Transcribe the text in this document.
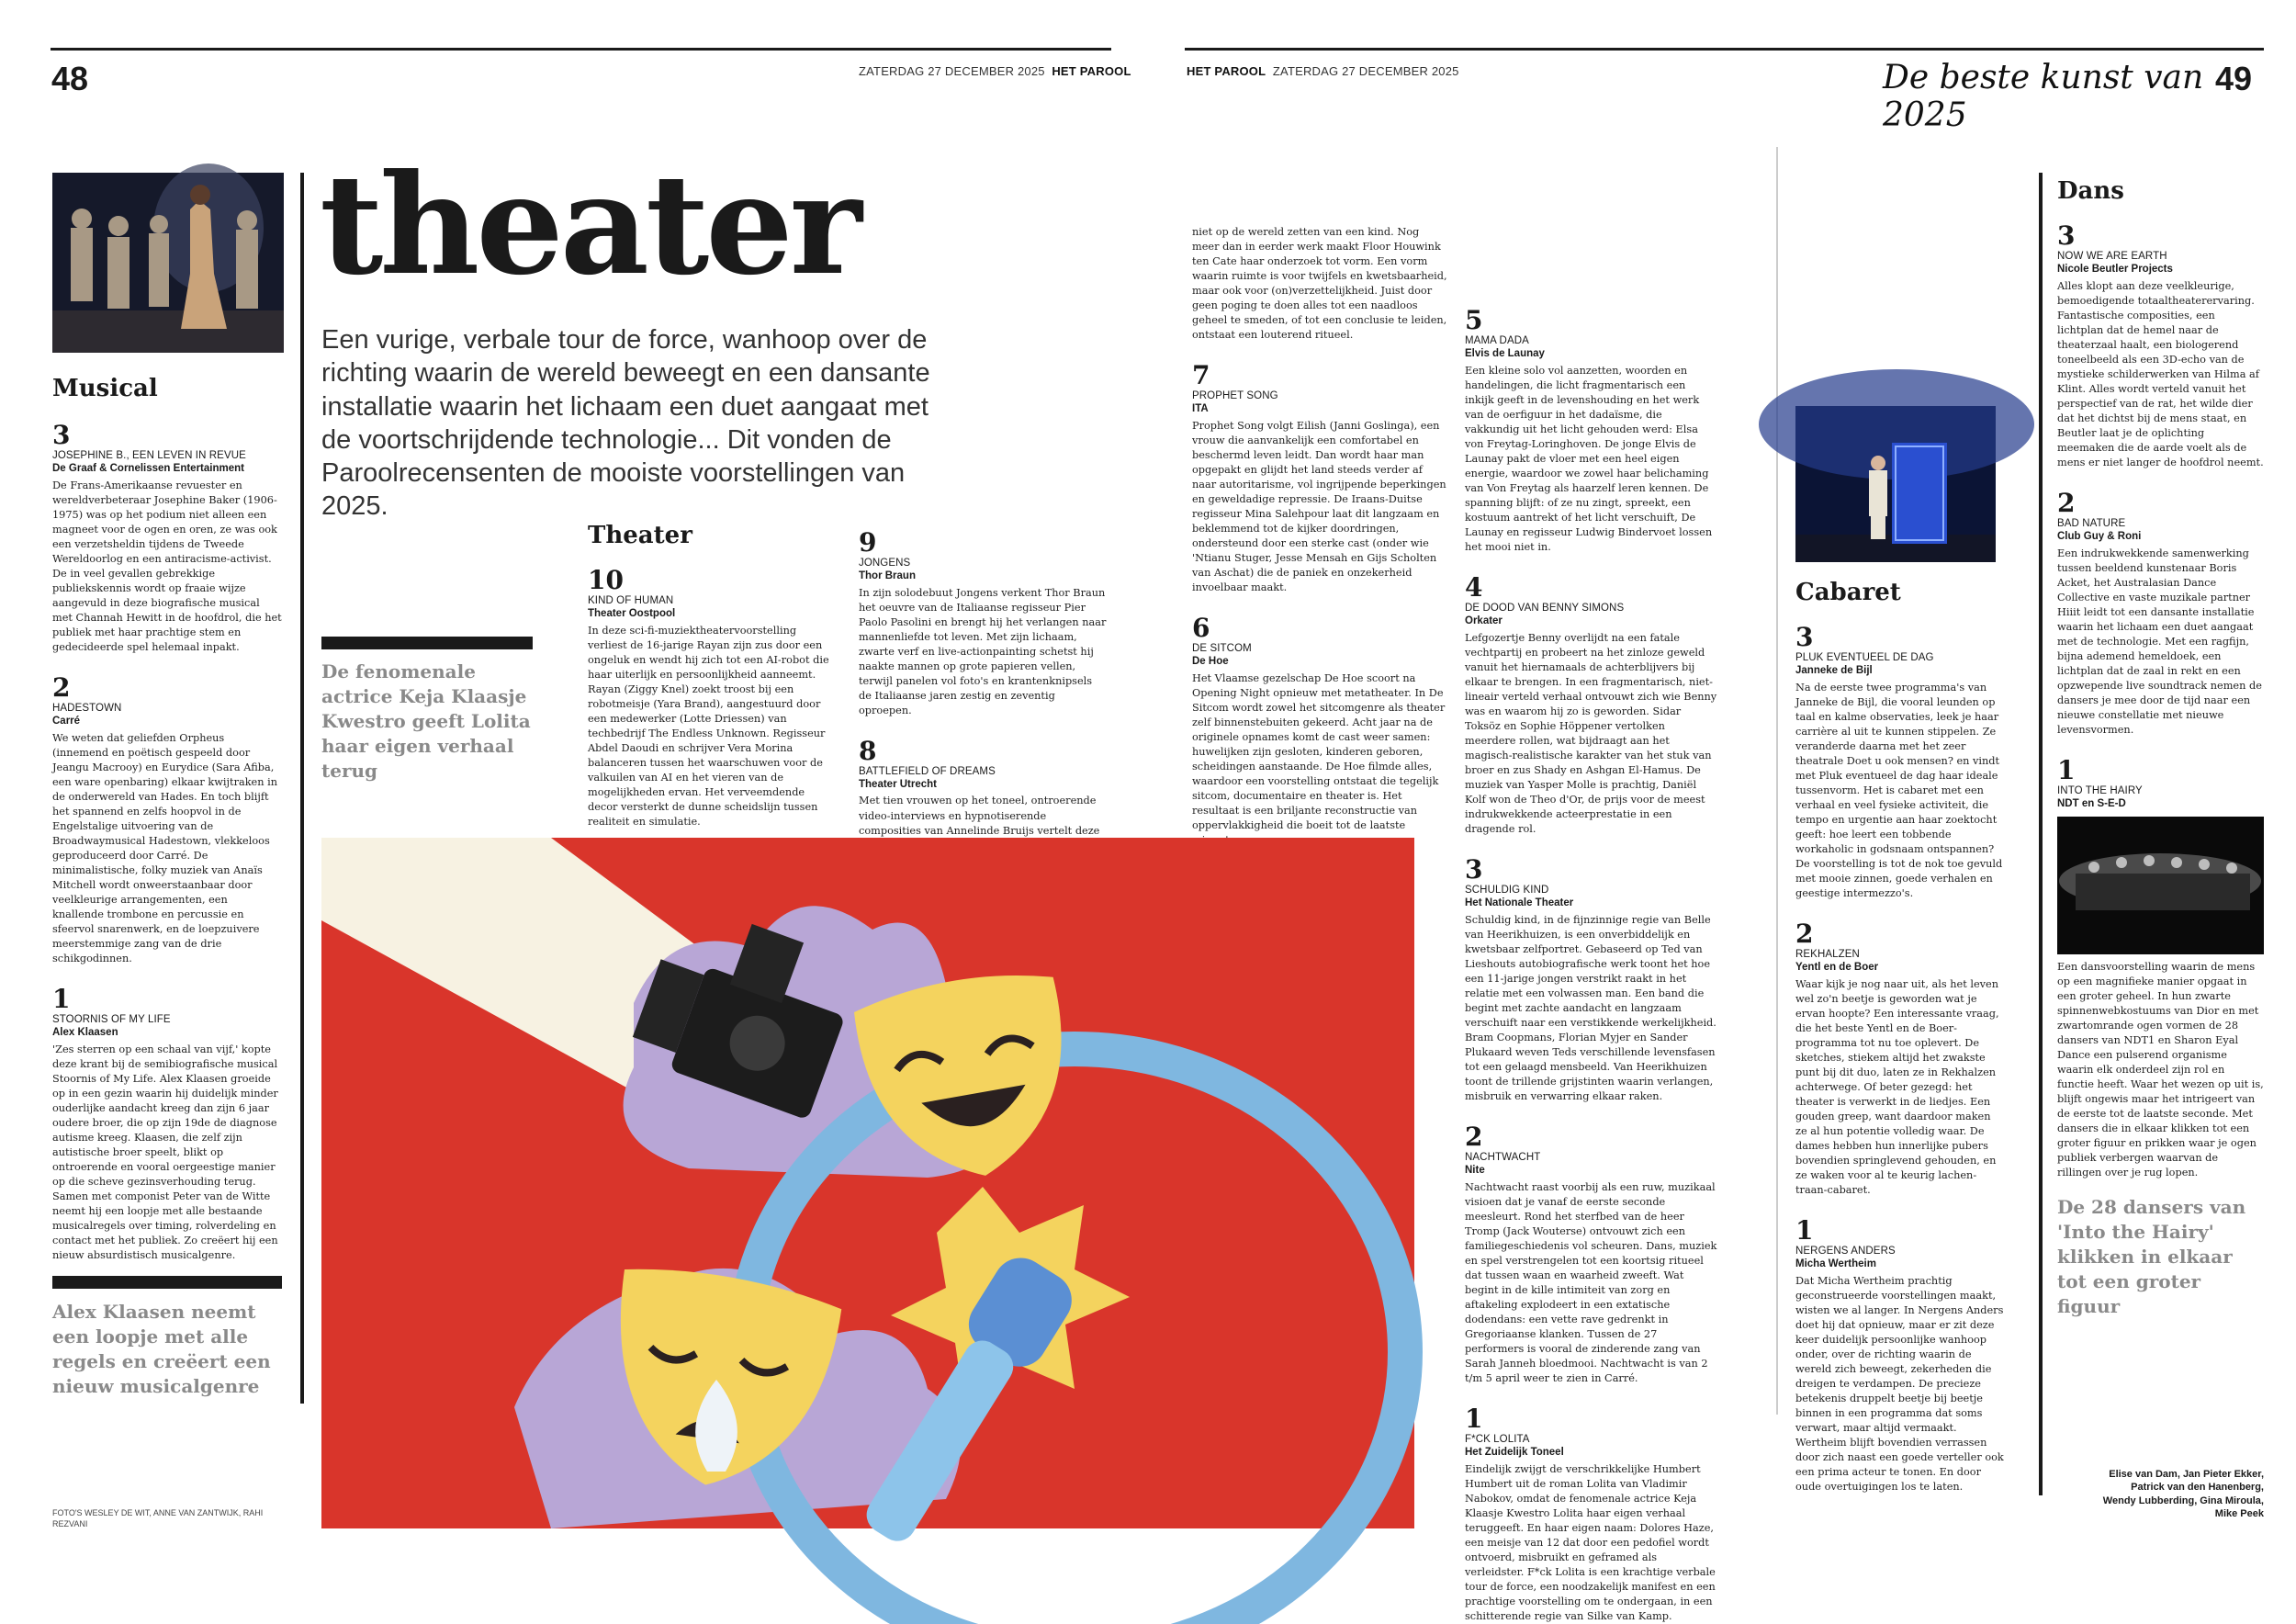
48	ZATERDAG 27 DECEMBER 2025 HET PAROOL	HET PAROOL ZATERDAG 27 DECEMBER 2025	De beste kunst van 2025
49
Musical
3
JOSEPHINE B., EEN LEVEN IN REVUE
De Graaf & Cornelissen Entertainment
De Frans-Amerikaanse revuester en wereldverbeteraar Josephine Baker (1906-1975) was op het podium niet alleen een magneet voor de ogen en oren, ze was ook een verzetsheldin tijdens de Tweede Wereldoorlog en een antiracisme-activist. De in veel gevallen gebrekkige publiekskennis wordt op fraaie wijze aangevuld in deze biografische musical met Channah Hewitt in de hoofdrol, die het publiek met haar prachtige stem en gedecideerde spel helemaal inpakt.
2
HADESTOWN
Carré
We weten dat geliefden Orpheus (innemend en poëtisch gespeeld door Jeangu Macrooy) en Eurydice (Sara Afiba, een ware openbaring) elkaar kwijtraken in de onderwereld van Hades. En toch blijft het spannend en zelfs hoopvol in de Engelstalige uitvoering van de Broadwaymusical Hadestown, vlekkeloos geproduceerd door Carré. De minimalistische, folky muziek van Anaïs Mitchell wordt onweerstaanbaar door veelkleurige arrangementen, een knallende trombone en percussie en sfeervol snarenwerk, en de loepzuivere meerstemmige zang van de drie schikgodinnen.
1
STOORNIS OF MY LIFE
Alex Klaasen
'Zes sterren op een schaal van vijf,' kopte deze krant bij de semibiografische musical Stoornis of My Life. Alex Klaasen groeide op in een gezin waarin hij duidelijk minder ouderlijke aandacht kreeg dan zijn 6 jaar oudere broer, die op zijn 19de de diagnose autisme kreeg. Klaasen, die zelf zijn autistische broer speelt, blikt op ontroerende en vooral oergeestige manier op die scheve gezinsverhouding terug. Samen met componist Peter van de Witte neemt hij een loopje met alle bestaande musicalregels over timing, rolverdeling en contact met het publiek. Zo creëert hij een nieuw absurdistisch musicalgenre.
Alex Klaasen neemt een loopje met alle regels en creëert een nieuw musicalgenre
FOTO'S WESLEY DE WIT, ANNE VAN ZANTWIJK, RAHI REZVANI
theater
Een vurige, verbale tour de force, wanhoop over de richting waarin de wereld beweegt en een dansante installatie waarin het lichaam een duet aangaat met de voortschrijdende technologie... Dit vonden de Paroolrecensenten de mooiste voorstellingen van 2025.
De fenomenale actrice Keja Klaasje Kwestro geeft Lolita haar eigen verhaal terug
Theater
10
KIND OF HUMAN
Theater Oostpool
In deze sci-fi-muziektheatervoorstelling verliest de 16-jarige Rayan zijn zus door een ongeluk en wendt hij zich tot een AI-robot die haar uiterlijk en persoonlijkheid aanneemt. Rayan (Ziggy Knel) zoekt troost bij een robotmeisje (Yara Brand), aangestuurd door een medewerker (Lotte Driessen) van techbedrijf The Endless Unknown. Regisseur Abdel Daoudi en schrijver Vera Morina balanceren tussen het waarschuwen voor de valkuilen van AI en het vieren van de mogelijkheden ervan. Het verveemdende decor versterkt de dunne scheidslijn tussen realiteit en simulatie.
9
JONGENS
Thor Braun
In zijn solodebuut Jongens verkent Thor Braun het oeuvre van de Italiaanse regisseur Pier Paolo Pasolini en brengt hij het verlangen naar mannenliefde tot leven. Met zijn lichaam, zwarte verf en live-actionpainting schetst hij naakte mannen op grote papieren vellen, terwijl panelen vol foto's en krantenknipsels de Italiaanse jaren zestig en zeventig oproepen.
8
BATTLEFIELD OF DREAMS
Theater Utrecht
Met tien vrouwen op het toneel, ontroerende video-interviews en hypnotiserende composities van Annelinde Bruijs vertelt deze
niet op de wereld zetten van een kind. Nog meer dan in eerder werk maakt Floor Houwink ten Cate haar onderzoek tot vorm. Een vorm waarin ruimte is voor twijfels en kwetsbaarheid, maar ook voor (on)verzettelijkheid. Juist door geen poging te doen alles tot een naadloos geheel te smeden, of tot een conclusie te leiden, ontstaat een louterend ritueel.
7
PROPHET SONG
ITA
Prophet Song volgt Eilish (Janni Goslinga), een vrouw die aanvankelijk een comfortabel en beschermd leven leidt. Dan wordt haar man opgepakt en glijdt het land steeds verder af naar autoritarisme, vol ingrijpende beperkingen en geweldadige repressie. De Iraans-Duitse regisseur Mina Salehpour laat dit langzaam en beklemmend tot de kijker doordringen, ondersteund door een sterke cast (onder wie 'Ntianu Stuger, Jesse Mensah en Gijs Scholten van Aschat) die de paniek en onzekerheid invoelbaar maakt.
6
DE SITCOM
De Hoe
Het Vlaamse gezelschap De Hoe scoort na Opening Night opnieuw met metatheater. In De Sitcom wordt zowel het sitcomgenre als theater zelf binnenstebuiten gekeerd. Acht jaar na de originele opnames komt de cast weer samen: huwelijken zijn gesloten, kinderen geboren, scheidingen aanstaande. De Hoe filmde alles, waardoor een voorstelling ontstaat die tegelijk sitcom, documentaire en theater is. Het resultaat is een briljante reconstructie van oppervlakkigheid die boeit tot de laatste
5
MAMA DADA
Elvis de Launay
Een kleine solo vol aanzetten, woorden en handelingen, die licht fragmentarisch een inkijk geeft in de levenshouding en het werk van de oerfiguur in het dadaïsme, die vakkundig uit het licht gehouden werd: Elsa von Freytag-Loringhoven. De jonge Elvis de Launay pakt de vloer met een heel eigen energie, waardoor we zowel haar belichaming van Von Freytag als haarzelf leren kennen. De spanning blijft: of ze nu zingt, spreekt, een kostuum aantrekt of het licht verschuift, De Launay en regisseur Ludwig Bindervoet lossen het mooi niet in.
4
DE DOOD VAN BENNY SIMONS
Orkater
Lefgozertje Benny overlijdt na een fatale vechtpartij en probeert na het zinloze geweld vanuit het hiernamaals de achterblijvers bij elkaar te brengen. In een fragmentarisch, niet-lineair verteld verhaal ontvouwt zich wie Benny was en waarom hij zo is geworden. Sidar Toksöz en Sophie Höppener vertolken meerdere rollen, wat bijdraagt aan het magisch-realistische karakter van het stuk van broer en zus Shady en Ashgan El-Hamus. De muziek van Yasper Molle is prachtig, Daniël Kolf won de Theo d'Or, de prijs voor de meest indrukwekkende acteerprestatie in een dragende rol.
3
SCHULDIG KIND
Het Nationale Theater
Schuldig kind, in de fijnzinnige regie van Belle van Heerikhuizen, is een onverbiddelijk en kwetsbaar zelfportret. Gebaseerd op Ted van Lieshouts autobiografische werk toont het hoe een 11-jarige jongen verstrikt raakt in het relatie met een volwassen man. Een band die begint met zachte aandacht en langzaam verschuift naar een verstikkende werkelijkheid. Bram Coopmans, Florian Myjer en Sander Plukaard weven Teds verschillende levensfasen tot een gelaagd mensbeeld. Van Heerikhuizen toont de trillende grijstinten waarin verlangen, misbruik en verwarring elkaar raken.
2
NACHTWACHT
Nite
Nachtwacht raast voorbij als een ruw, muzikaal visioen dat je vanaf de eerste seconde meesleurt. Rond het sterfbed van de heer Tromp (Jack Wouterse) ontvouwt zich een familiegeschiedenis vol scheuren. Dans, muziek en spel verstrengelen tot een koortsig ritueel dat tussen waan en waarheid zweeft. Wat begint in de kille intimiteit van zorg en aftakeling explodeert in een extatische dodendans: een vette rave gedrenkt in Gregoriaanse klanken. Tussen de 27 performers is vooral de zinderende zang van Sarah Janneh bloedmooi. Nachtwacht is van 2 t/m 5 april weer te zien in Carré.
1
F*CK LOLITA
Het Zuidelijk Toneel
Eindelijk zwijgt de verschrikkelijke Humbert Humbert uit de roman Lolita van Vladimir Nabokov, omdat de fenomenale actrice Keja Klaasje Kwestro Lolita haar eigen verhaal teruggeeft. En haar eigen naam: Dolores Haze, een meisje van 12 dat door een pedofiel wordt ontvoerd, misbruikt en geframed als verleidster. F*ck Lolita is een krachtige verbale tour de force, een noodzakelijk manifest en een prachtige voorstelling om te ondergaan, in een schitterende regie van Silke van Kamp.
Cabaret
3
PLUK EVENTUEEL DE DAG
Janneke de Bijl
Na de eerste twee programma's van Janneke de Bijl, die vooral leunden op taal en kalme observaties, leek je haar carrière al uit te kunnen stippelen. Ze veranderde daarna met het zeer theatrale Doet u ook mensen? en vindt met Pluk eventueel de dag haar ideale tussenvorm. Het is cabaret met een verhaal en veel fysieke activiteit, die tempo en urgentie aan haar zoektocht geeft: hoe leert een tobbende workaholic in godsnaam ontspannen? De voorstelling is tot de nok toe gevuld met mooie zinnen, goede verhalen en geestige intermezzo's.
2
REKHALZEN
Yentl en de Boer
Waar kijk je nog naar uit, als het leven wel zo'n beetje is geworden wat je ervan hoopte? Een interessante vraag, die het beste Yentl en de Boer-programma tot nu toe oplevert. De sketches, stiekem altijd het zwakste punt bij dit duo, laten ze in Rekhalzen achterwege. Of beter gezegd: het theater is verwerkt in de liedjes. Een gouden greep, want daardoor maken ze al hun potentie volledig waar. De dames hebben hun innerlijke pubers bovendien springlevend gehouden, en ze waken voor al te keurig lachen-traan-cabaret.
1
NERGENS ANDERS
Micha Wertheim
Dat Micha Wertheim prachtig geconstrueerde voorstellingen maakt, wisten we al langer. In Nergens Anders doet hij dat opnieuw, maar er zit deze keer duidelijk persoonlijke wanhoop onder, over de richting waarin de wereld zich beweegt, zekerheden die dreigen te verdampen. De precieze betekenis druppelt beetje bij beetje binnen in een programma dat soms verwart, maar altijd vermaakt. Wertheim blijft bovendien verrassen door zich naast een goede verteller ook een prima acteur te tonen. En door oude overtuigingen los te laten.
Dans
3
NOW WE ARE EARTH
Nicole Beutler Projects
Alles klopt aan deze veelkleurige, bemoedigende totaaltheaterervaring. Fantastische composities, een lichtplan dat de hemel naar de theaterzaal haalt, een biologerend toneelbeeld als een 3D-echo van de mystieke schilderwerken van Hilma af Klint. Alles wordt verteld vanuit het perspectief van de rat, het wilde dier dat het dichtst bij de mens staat, en Beutler laat je de oplichting meemaken die de aarde voelt als de mens er niet langer de hoofdrol neemt.
2
BAD NATURE
Club Guy & Roni
Een indrukwekkende samenwerking tussen beeldend kunstenaar Boris Acket, het Australasian Dance Collective en vaste muzikale partner Hiiit leidt tot een dansante installatie waarin het lichaam een duet aangaat met de technologie. Met een ragfijn, bijna ademend hemeldoek, een lichtplan dat de zaal in rekt en een opzwepende live soundtrack nemen de dansers je mee door de tijd naar een nieuwe constellatie met nieuwe levensvormen.
1
INTO THE HAIRY
NDT en S-E-D
Een dansvoorstelling waarin de mens op een magnifieke manier opgaat in een groter geheel. In hun zwarte spinnenwebkostuums van Dior en met zwartomrande ogen vormen de 28 dansers van NDT1 en Sharon Eyal Dance een pulserend organisme waarin elk onderdeel zijn rol en functie heeft. Waar het wezen op uit is, blijft ongewis maar het intrigeert van de eerste tot de laatste seconde. Met dansers die in elkaar klikken tot een groter figuur en prikken waar je ogen publiek verbergen waarvan de rillingen over je rug lopen.
De 28 dansers van 'Into the Hairy' klikken in elkaar tot een groter figuur
Elise van Dam, Jan Pieter Ekker, Patrick van den Hanenberg, Wendy Lubberding, Gina Miroula, Mike Peek
